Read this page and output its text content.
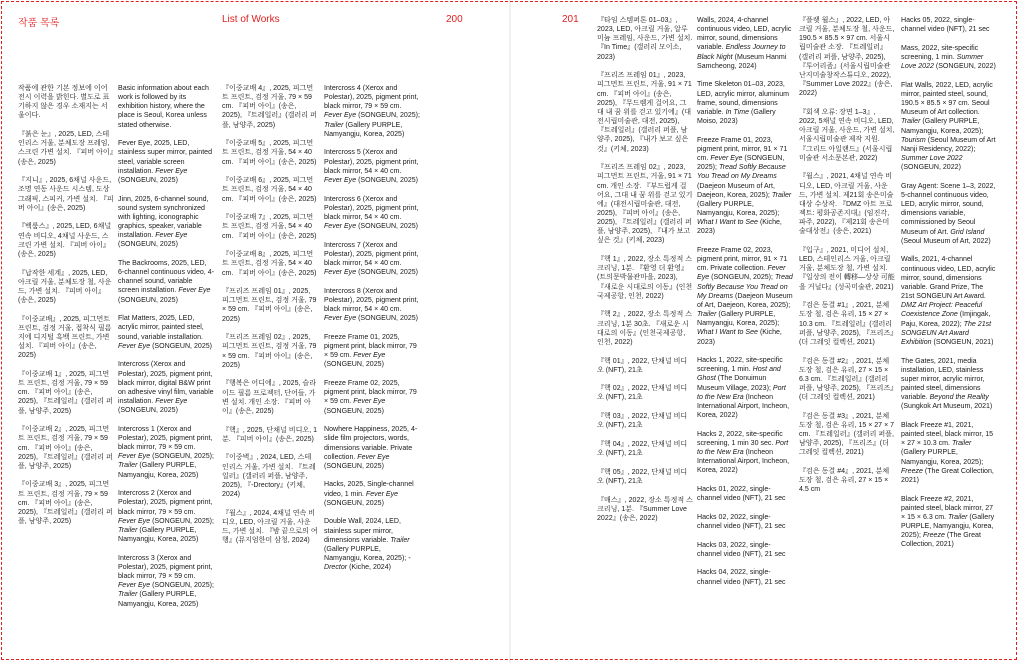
작품 목록	List of Works	200
작품에 관한 기본 정보에 이어 전시 이력을 밝힌다. 별도로 표기하지 않은 경우 소재지는 서울이다.
『붉은 눈』, 2025, LED, 스테인리스 거울, 분체도장 프레임, 스크린 가변 설치. 『피버 아이』(송은, 2025)
『지니』, 2025, 6채널 사운드, 조명 연동 사운드 시스템, 도상 그래픽, 스피커, 가변 설치. 『피버 아이』(송은, 2025)
『백룸스』, 2025, LED, 6채널 연속 비디오, 4채널 사운드, 스크린 가변 설치. 『피버 아이』(송은, 2025)
『납작한 세계』, 2025, LED, 아크릴 거울, 분체도장 철, 사운드, 가변 설치. 『피버 아이』(송은, 2025)
『이중교배』, 2025, 피그먼트 프린트, 검정 거울, 접착식 필름지에 디지털 흑백 프린트, 가변 설치. 『피버 아이』(송은, 2025)
『이중교배 1』, 2025, 피그먼트 프린트, 검정 거울, 79 × 59 cm. 『피버 아이』(송은, 2025), 『트레일러』(갤러리 퍼플, 남양주, 2025)
『이중교배 2』, 2025, 피그먼트 프린트, 검정 거울, 79 × 59 cm. 『피버 아이』(송은, 2025), 『트레일러』(갤러리 퍼플, 남양주, 2025)
『이중교배 3』, 2025, 피그먼트 프린트, 검정 거울, 79 × 59 cm. 『피버 아이』(송은, 2025), 『트레일러』(갤러리 퍼플, 남양주, 2025)
Basic information about each work is followed by its exhibition history, where the place is Seoul, Korea unless stated otherwise.
Fever Eye, 2025, LED, stainless super mirror, painted steel, variable screen installation. Fever Eye (SONGEUN, 2025)
Jinn, 2025, 6-channel sound, sound system synchronized with lighting, iconographic graphics, speaker, variable installation. Fever Eye (SONGEUN, 2025)
The Backrooms, 2025, LED, 6-channel continuous video, 4-channel sound, variable screen installation. Fever Eye (SONGEUN, 2025)
Flat Matters, 2025, LED, acrylic mirror, painted steel, sound, variable installation. Fever Eye (SONGEUN, 2025)
Intercross (Xerox and Polestar), 2025, pigment print, black mirror, digital B&W print on adhesive vinyl film, variable installation. Fever Eye (SONGEUN, 2025)
Intercross 1 (Xerox and Polestar), 2025, pigment print, black mirror, 79 × 59 cm. Fever Eye (SONGEUN, 2025); Trailer (Gallery PURPLE, Namyangju, Korea, 2025)
Intercross 2 (Xerox and Polestar), 2025, pigment print, black mirror, 79 × 59 cm. Fever Eye (SONGEUN, 2025); Trailer (Gallery PURPLE, Namyangju, Korea, 2025)
Intercross 3 (Xerox and Polestar), 2025, pigment print, black mirror, 79 × 59 cm. Fever Eye (SONGEUN, 2025); Trailer (Gallery PURPLE, Namyangju, Korea, 2025)
『이중교배 4』, 2025, 피그먼트 프린트, 검정 거울, 79 × 59 cm. 『피버 아이』(송은, 2025), 『트레일러』(갤러리 퍼플, 남양주, 2025)
『이중교배 5』, 2025, 피그먼트 프린트, 검정 거울, 54 × 40 cm. 『피버 아이』(송은, 2025)
『이중교배 6』, 2025, 피그먼트 프린트, 검정 거울, 54 × 40 cm. 『피버 아이』(송은, 2025)
『이중교배 7』, 2025, 피그먼트 프린트, 검정 거울, 54 × 40 cm. 『피버 아이』(송은, 2025)
『이중교배 8』, 2025, 피그먼트 프린트, 검정 거울, 54 × 40 cm. 『피버 아이』(송은, 2025)
『프리즈 프레임 01』, 2025, 피그먼트 프린트, 검정 거울, 79 × 59 cm. 『피버 아이』(송은, 2025)
『프리즈 프레임 02』, 2025, 피그먼트 프린트, 검정 거울, 79 × 59 cm. 『피버 아이』(송은, 2025)
『행복은 어디에』, 2025, 슬라이드 필름 프로젝터, 단어들, 가변 설치. 개인 소장. 『피버 아이』(송은, 2025)
『핵』, 2025, 단채널 비디오, 1분. 『피버 아이』(송은, 2025)
『이중벽』, 2024, LED, 스테인리스 거울, 가변 설치. 『트레일러』(갤러리 퍼플, 남양주, 2025), 『-Drectory』(키체, 2024)
『월스』, 2024, 4채널 연속 비디오, LED, 아크릴 거울, 사운드, 가변 설치. 『밤 끝으로의 여행』(뮤지엄한미 삼청, 2024)
Intercross 4 (Xerox and Polestar), 2025, pigment print, black mirror, 79 × 59 cm. Fever Eye (SONGEUN, 2025); Trailer (Gallery PURPLE, Namyangju, Korea, 2025)
Intercross 5 (Xerox and Polestar), 2025, pigment print, black mirror, 54 × 40 cm. Fever Eye (SONGEUN, 2025)
Intercross 6 (Xerox and Polestar), 2025, pigment print, black mirror, 54 × 40 cm. Fever Eye (SONGEUN, 2025)
Intercross 7 (Xerox and Polestar), 2025, pigment print, black mirror, 54 × 40 cm. Fever Eye (SONGEUN, 2025)
Intercross 8 (Xerox and Polestar), 2025, pigment print, black mirror, 54 × 40 cm. Fever Eye (SONGEUN, 2025)
Freeze Frame 01, 2025, pigment print, black mirror, 79 × 59 cm. Fever Eye (SONGEUN, 2025)
Freeze Frame 02, 2025, pigment print, black mirror, 79 × 59 cm. Fever Eye (SONGEUN, 2025)
Nowhere Happiness, 2025, 4-slide film projectors, words, dimensions variable. Private collection. Fever Eye (SONGEUN, 2025)
Hacks, 2025, Single-channel video, 1 min. Fever Eye (SONGEUN, 2025)
Double Wall, 2024, LED, stainless super mirror, dimensions variable. Trailer (Gallery PURPLE, Namyangju, Korea, 2025); -Drector (Kiche, 2024)
201	『타임 스템퍼톤 01–03』, 2023, LED, 아크릴 거울, 알루미늄 프레임, 사운드, 가변 설치. 『In Time』(갤러리 모이소, 2023)
『프리즈 프레임 01』, 2023, 피그먼트 프린트, 거울, 91 × 71 cm. 『피버 아이』(송은, 2025), 『무드렘게 걸어요, 그대 내 꿈 위를 걷고 있기에』(대전시립미술관, 대전, 2025), 『트레일러』(갤러리 퍼플, 남양주, 2025), 『내가 보고 싶은 것』(키체, 2023)
『프리즈 프레임 02』, 2023, 피그먼트 프린트, 거울, 91 × 71 cm. 개인 소장. 『부드럽게 걸어요, 그대 내 꿈 위를 걷고 있기에』(대전시립미술관, 대전, 2025), 『피버 아이』(송은, 2025), 『트레일러』(갤러리 퍼플, 남양주, 2025), 『내가 보고 싶은 것』(키체, 2023)
『핵 1』, 2022, 장소 특정적 스크리닝, 1분. 『환영 더 환영』(트의문박물관마을, 2023), 『새로운 시대로의 이동』(인천국제공항, 인천, 2022)
『핵 2』, 2022, 장소 특정적 스크리닝, 1분 30초. 『새로운 시대로의 이동』(인천국제공항, 인천, 2022)
『핵 01』, 2022, 단채널 비디오 (NFT), 21초
『핵 02』, 2022, 단채널 비디오 (NFT), 21초
『핵 03』, 2022, 단채널 비디오 (NFT), 21초
『핵 04』, 2022, 단채널 비디오 (NFT), 21초
『핵 05』, 2022, 단채널 비디오 (NFT), 21초
『매스』, 2022, 장소 특정적 스크리닝, 1분. 『Summer Love 2022』(송은, 2022)
Walls, 2024, 4-channel continuous video, LED, acrylic mirror, sound, dimensions variable. Endless Journey to Black Night (Museum Hanmi Samcheong, 2024)
Time Skeleton 01–03, 2023, LED, acrylic mirror, aluminum frame, sound, dimensions variable. In Time (Gallery Moiso, 2023)
Freeze Frame 01, 2023, pigment print, mirror, 91 × 71 cm. Fever Eye (SONGEUN, 2025); Tread Softly Because You Tread on My Dreams (Daejeon Museum of Art, Daejeon, Korea, 2025); Trailer (Gallery PURPLE, Namyangju, Korea, 2025); What I Want to See (Kiche, 2023)
Freeze Frame 02, 2023, pigment print, mirror, 91 × 71 cm. Private collection. Fever Eye (SONGEUN, 2025); Tread Softly Because You Tread on My Dreams (Daejeon Museum of Art, Daejeon, Korea, 2025); Trailer (Gallery PURPLE, Namyangju, Korea, 2025); What I Want to See (Kiche, 2023)
Hacks 1, 2022, site-specific screening, 1 min. Host and Ghost (The Donuimun Museum Village, 2023); Port to the New Era (Incheon International Airport, Incheon, Korea, 2022)
Hacks 2, 2022, site-specific screening, 1 min 30 sec. Port to the New Era (Incheon International Airport, Incheon, Korea, 2022)
Hacks 01, 2022, single-channel video (NFT), 21 sec
Hacks 02, 2022, single-channel video (NFT), 21 sec
Hacks 03, 2022, single-channel video (NFT), 21 sec
Hacks 04, 2022, single-channel video (NFT), 21 sec
『플랫 월스』, 2022, LED, 아크릴 거울, 분체도장 철, 사운드, 190.5 × 85.5 × 97 cm. 서울시립미술관 소장. 『트레일러』(갤러리 퍼플, 남양주, 2025), 『투어리즘』(서울시립미술관 난지미술창작스튜디오, 2022), 『Summer Love 2022』(송은, 2022)
『회색 오류: 장면 1–3』, 2022, 5채널 연속 비디오, LED, 아크릴 거울, 사운드, 가변 설치, 서울시립미술관 제작 지원. 『그리드 아일랜드』(서울시립미술관 서소문본관, 2022)
『월스』, 2021, 4채널 연속 비디오, LED, 아크릴 거울, 사운드, 가변 설치. 제21회 송은미술대상 수상작. 『DMZ 아트 프로젝트: 평화공존지대』(임진각, 파주, 2022), 『제21회 송은미술대상전』(송은, 2021)
『입구』, 2021, 미디어 설치, LED, 스테인리스 거울, 아크릴 거울, 분체도장 철, 가변 설치. 『일상의 전이 轉移—상상 可能을 거닐다』(성곡미술관, 2021)
『검은 동결 #1』, 2021, 분체도장 철, 검은 유리, 15 × 27 × 10.3 cm. 『트레일러』(갤러리 퍼플, 남양주, 2025), 『프리즈』(더 그레잇 컬렉션, 2021)
『검은 동결 #2』, 2021, 분체도장 철, 검은 유리, 27 × 15 × 6.3 cm. 『트레일러』(갤러리 퍼플, 남양주, 2025), 『프리즈』(더 그레잇 컬렉션, 2021)
『검은 동결 #3』, 2021, 분체도장 철, 검은 유리, 15 × 27 × 7 cm. 『트레일러』(갤러리 퍼플, 남양주, 2025), 『프리즈』(더 그레잇 컬렉션, 2021)
『검은 동결 #4』, 2021, 분체도장 철, 검은 유리, 27 × 15 × 4.5 cm
Hacks 05, 2022, single-channel video (NFT), 21 sec
Mass, 2022, site-specific screening, 1 min. Summer Love 2022 (SONGEUN, 2022)
Flat Walls, 2022, LED, acrylic mirror, painted steel, sound, 190.5 × 85.5 × 97 cm. Seoul Museum of Art collection. Trailer (Gallery PURPLE, Namyangju, Korea, 2025); Tourism (Seoul Museum of Art Nanji Residency, 2022); Summer Love 2022 (SONGEUN, 2022)
Gray Agent: Scene 1–3, 2022, 5-channel continuous video, LED, acrylic mirror, sound, dimensions variable, commissioned by Seoul Museum of Art. Grid Island (Seoul Museum of Art, 2022)
Walls, 2021, 4-channel continuous video, LED, acrylic mirror, sound, dimensions variable. Grand Prize, The 21st SONGEUN Art Award. DMZ Art Project: Peaceful Coexistence Zone (Imjingak, Paju, Korea, 2022); The 21st SONGEUN Art Award Exhibition (SONGEUN, 2021)
The Gates, 2021, media installation, LED, stainless super mirror, acrylic mirror, painted steel, dimensions variable. Beyond the Reality (Sungkok Art Museum, 2021)
Black Freeze #1, 2021, painted steel, black mirror, 15 × 27 × 10.3 cm. Trailer (Gallery PURPLE, Namyangju, Korea, 2025); Freeze (The Great Collection, 2021)
Black Freeze #2, 2021, painted steel, black mirror, 27 × 15 × 6.3 cm. Trailer (Gallery PURPLE, Namyangju, Korea, 2025); Freeze (The Great Collection, 2021)
